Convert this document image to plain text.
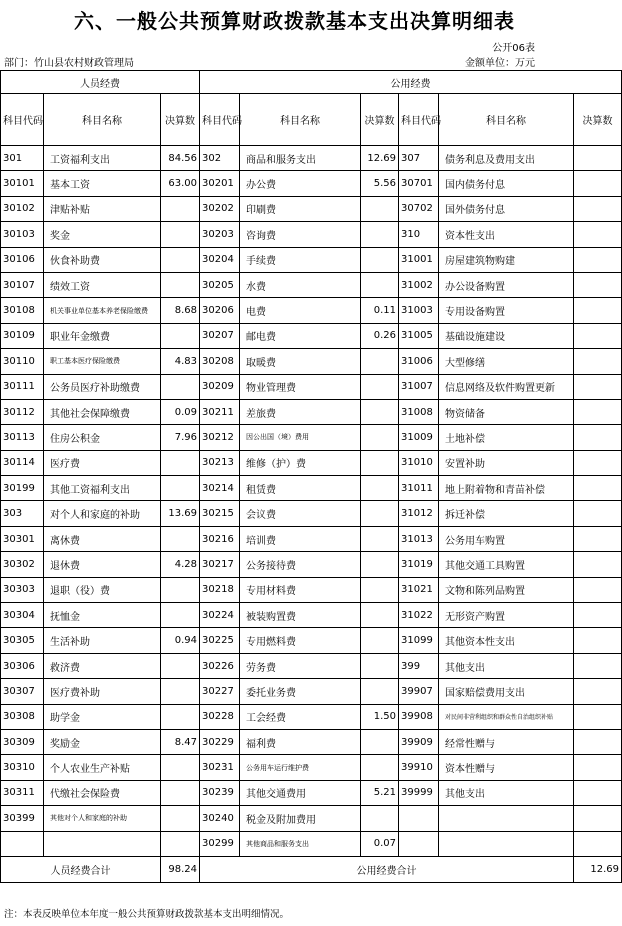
六、一般公共预算财政拨款基本支出决算明细表
公开06表
部门：竹山县农村财政管理局	金额单位：万元
人员经费			公用经费					
科目代码	科目名称	决算数	科目代码	科目名称	决算数	科目代码	科目名称	决算数
301	工资福利支出	84.56	302	商品和服务支出	12.69	307	债务利息及费用支出	
30101	基本工资	63.00	30201	办公费	5.56	30701	国内债务付息	
30102	津贴补贴		30202	印刷费		30702	国外债务付息	
30103	奖金		30203	咨询费		310	资本性支出	
30106	伙食补助费		30204	手续费		31001	房屋建筑物购建	
30107	绩效工资		30205	水费		31002	办公设备购置	
30108	机关事业单位基本养老保险缴费	8.68	30206	电费	0.11	31003	专用设备购置	
30109	职业年金缴费		30207	邮电费	0.26	31005	基础设施建设	
30110	职工基本医疗保险缴费	4.83	30208	取暖费		31006	大型修缮	
30111	公务员医疗补助缴费		30209	物业管理费		31007	信息网络及软件购置更新	
30112	其他社会保障缴费	0.09	30211	差旅费		31008	物资储备	
30113	住房公积金	7.96	30212	因公出国（境）费用		31009	土地补偿	
30114	医疗费		30213	维修（护）费		31010	安置补助	
30199	其他工资福利支出		30214	租赁费		31011	地上附着物和青苗补偿	
303	对个人和家庭的补助	13.69	30215	会议费		31012	拆迁补偿	
30301	离休费		30216	培训费		31013	公务用车购置	
30302	退休费	4.28	30217	公务接待费		31019	其他交通工具购置	
30303	退职（役）费		30218	专用材料费		31021	文物和陈列品购置	
30304	抚恤金		30224	被装购置费		31022	无形资产购置	
30305	生活补助	0.94	30225	专用燃料费		31099	其他资本性支出	
30306	救济费		30226	劳务费		399	其他支出	
30307	医疗费补助		30227	委托业务费		39907	国家赔偿费用支出	
30308	助学金		30228	工会经费	1.50	39908	对民间非营利组织和群众性自治组织补贴	
30309	奖励金	8.47	30229	福利费		39909	经常性赠与	
30310	个人农业生产补贴		30231	公务用车运行维护费		39910	资本性赠与	
30311	代缴社会保险费		30239	其他交通费用	5.21	39999	其他支出	
30399	其他对个人和家庭的补助		30240	税金及附加费用				
			30299	其他商品和服务支出	0.07			
人员经费合计		98.24	公用经费合计					12.69
注：本表反映单位本年度一般公共预算财政拨款基本支出明细情况。
